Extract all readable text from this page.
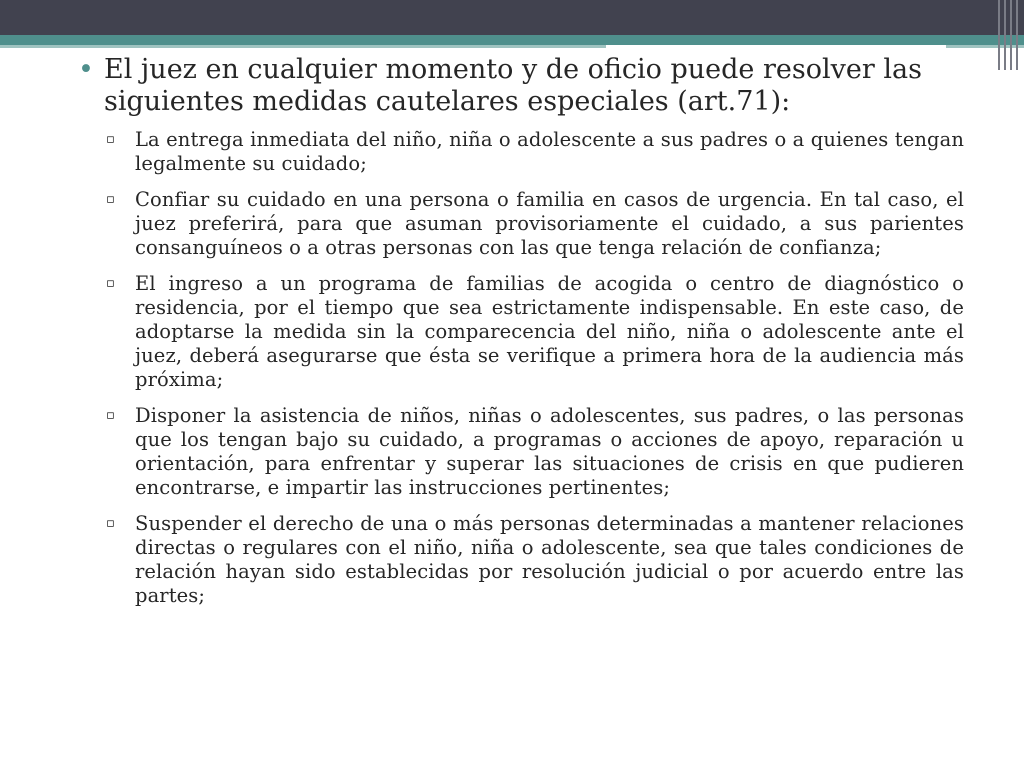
• El juez en cualquier momento y de oficio puede resolver las siguientes medidas cautelares especiales (art.71):
▫ La entrega inmediata del niño, niña o adolescente a sus padres o a quienes tengan legalmente su cuidado;
▫ Confiar su cuidado en una persona o familia en casos de urgencia. En tal caso, el juez preferirá, para que asuman provisoriamente el cuidado, a sus parientes consanguíneos o a otras personas con las que tenga relación de confianza;
▫ El ingreso a un programa de familias de acogida o centro de diagnóstico o residencia, por el tiempo que sea estrictamente indispensable. En este caso, de adoptarse la medida sin la comparecencia del niño, niña o adolescente ante el juez, deberá asegurarse que ésta se verifique a primera hora de la audiencia más próxima;
▫ Disponer la asistencia de niños, niñas o adolescentes, sus padres, o las personas que los tengan bajo su cuidado, a programas o acciones de apoyo, reparación u orientación, para enfrentar y superar las situaciones de crisis en que pudieren encontrarse, e impartir las instrucciones pertinentes;
▫ Suspender el derecho de una o más personas determinadas a mantener relaciones directas o regulares con el niño, niña o adolescente, sea que tales condiciones de relación hayan sido establecidas por resolución judicial o por acuerdo entre las partes;
